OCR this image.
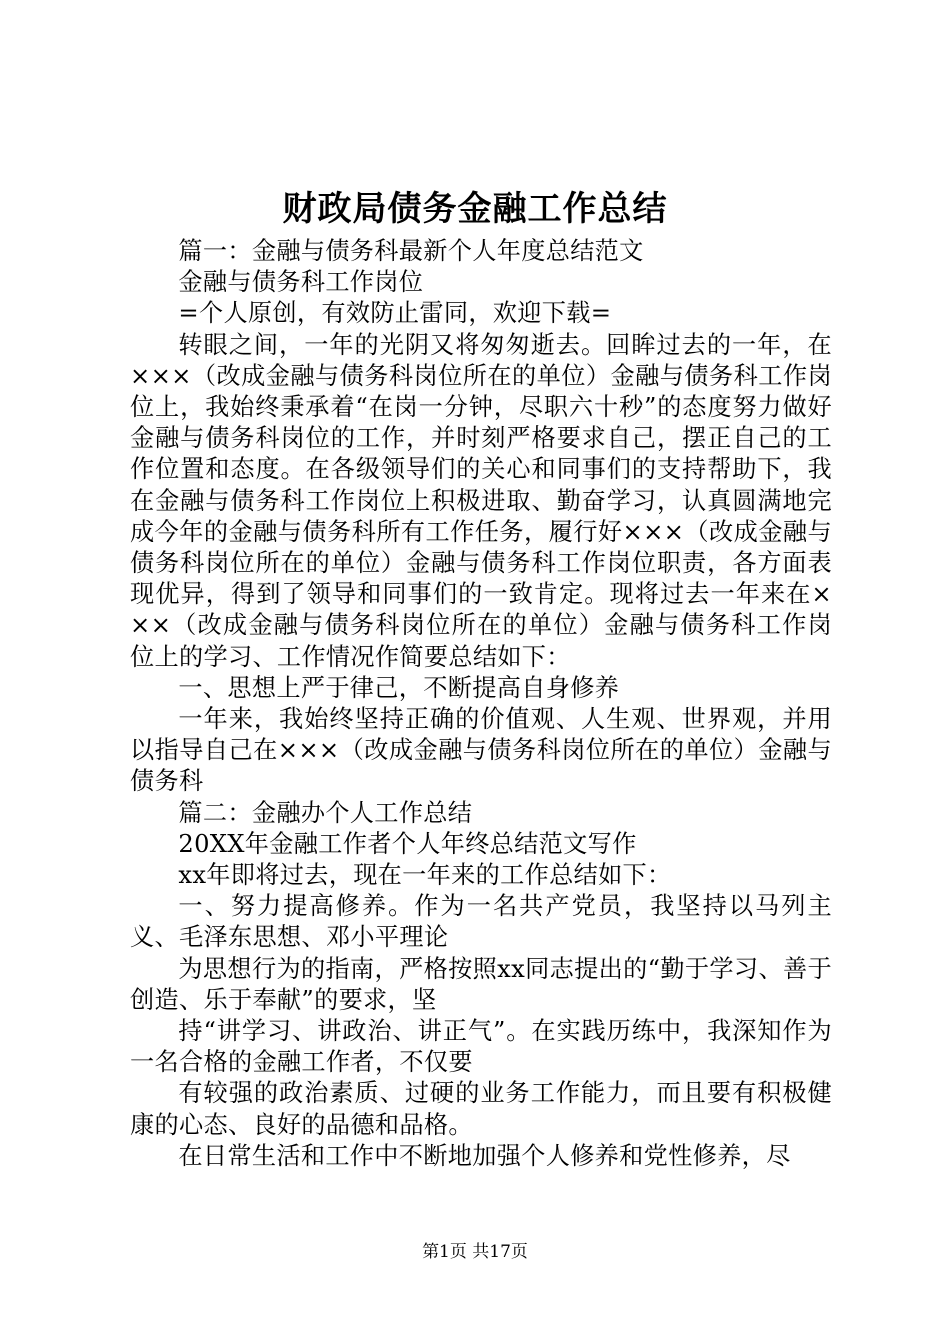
财政局债务金融工作总结

篇一：金融与债务科最新个人年度总结范文

金融与债务科工作岗位

=个人原创，有效防止雷同，欢迎下载=

转眼之间，一年的光阴又将匆匆逝去。回眸过去的一年，在×××（改成金融与债务科岗位所在的单位）金融与债务科工作岗位上，我始终秉承着“在岗一分钟，尽职六十秒”的态度努力做好金融与债务科岗位的工作，并时刻严格要求自己，摆正自己的工作位置和态度。在各级领导们的关心和同事们的支持帮助下，我在金融与债务科工作岗位上积极进取、勤奋学习，认真圆满地完成今年的金融与债务科所有工作任务，履行好×××（改成金融与债务科岗位所在的单位）金融与债务科工作岗位职责，各方面表现优异，得到了领导和同事们的一致肯定。现将过去一年来在×××（改成金融与债务科岗位所在的单位）金融与债务科工作岗位上的学习、工作情况作简要总结如下：

一、思想上严于律己，不断提高自身修养

一年来，我始终坚持正确的价值观、人生观、世界观，并用以指导自己在×××（改成金融与债务科岗位所在的单位）金融与债务科

篇二：金融办个人工作总结

20XX年金融工作者个人年终总结范文写作

xx年即将过去，现在一年来的工作总结如下：

一、努力提高修养。作为一名共产党员，我坚持以马列主义、毛泽东思想、邓小平理论

为思想行为的指南，严格按照xx同志提出的“勤于学习、善于创造、乐于奉献”的要求，坚

持“讲学习、讲政治、讲正气”。在实践历练中，我深知作为一名合格的金融工作者，不仅要

有较强的政治素质、过硬的业务工作能力，而且要有积极健康的心态、良好的品德和品格。

在日常生活和工作中不断地加强个人修养和党性修养，尽

第1页 共17页
